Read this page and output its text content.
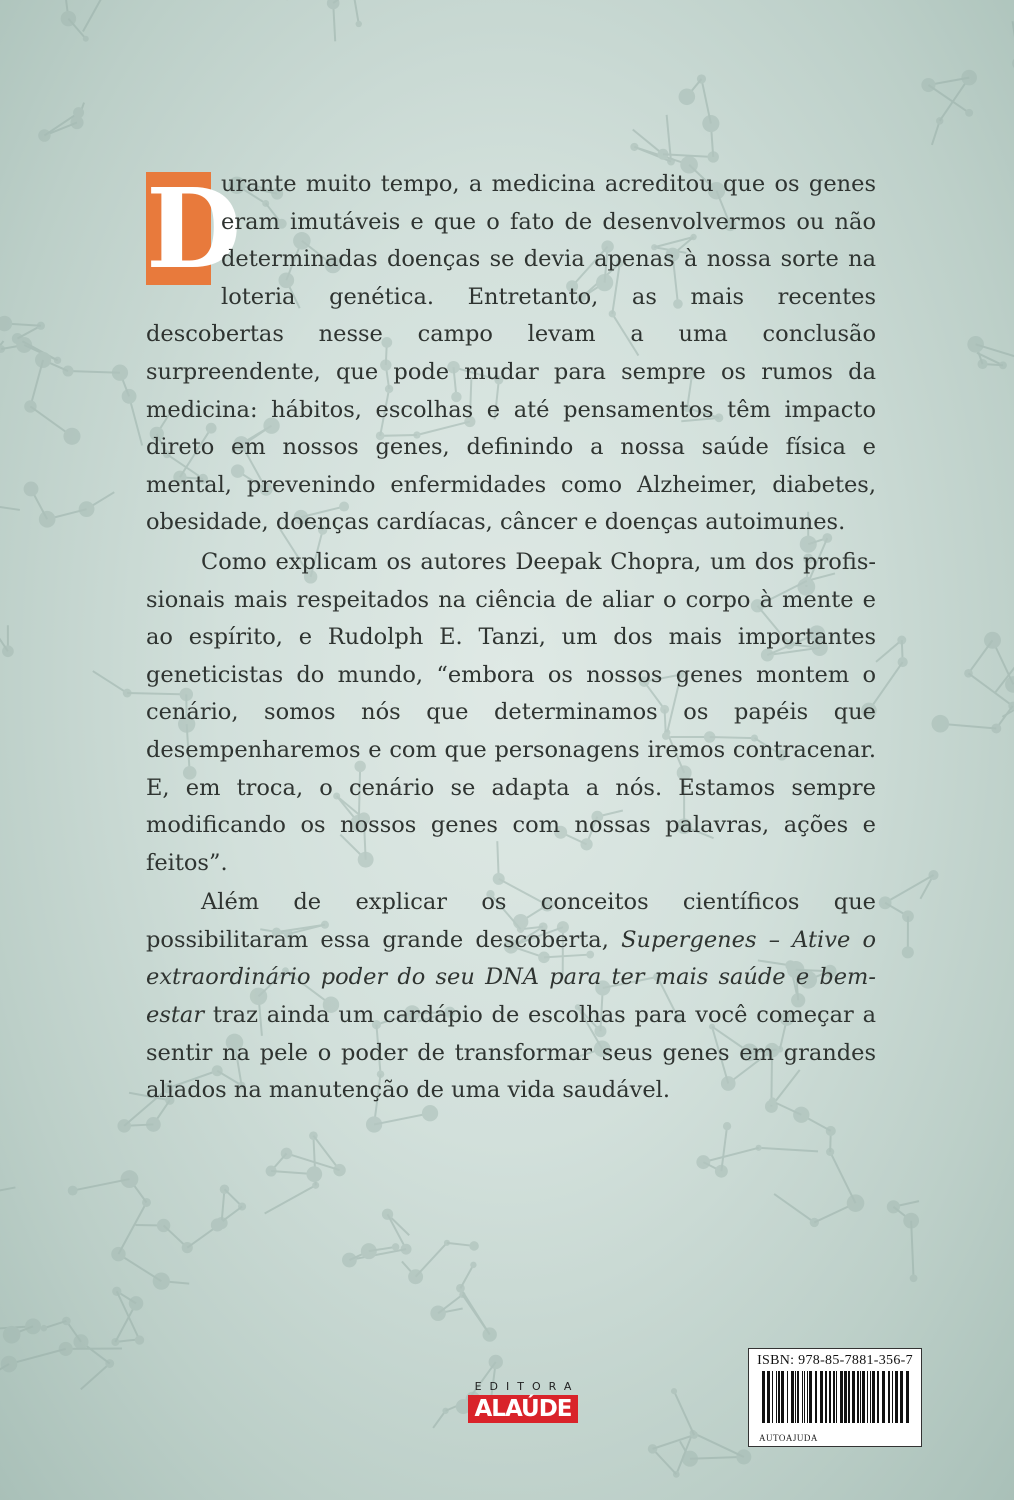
D
urante muito tempo, a medicina acreditou que os genes eram imutáveis e que o fato de desenvolvermos ou não determinadas doenças se devia apenas à nossa sorte na loteria genética. Entretanto, as mais recentes descobertas nesse campo levam a uma conclusão surpreendente, que pode mudar para sempre os rumos da medicina: hábitos, escolhas e até pensamentos têm impacto direto em nossos genes, definindo a nossa saúde física e mental, prevenindo enfermidades como Alzheimer, diabetes, obesidade, doenças cardíacas, câncer e doenças autoimunes.

Como explicam os autores Deepak Chopra, um dos profissionais mais respeitados na ciência de aliar o corpo à mente e ao espírito, e Rudolph E. Tanzi, um dos mais importantes geneticistas do mundo, “embora os nossos genes montem o cenário, somos nós que determinamos os papéis que desempenharemos e com que personagens iremos contracenar. E, em troca, o cenário se adapta a nós. Estamos sempre modificando os nossos genes com nossas palavras, ações e feitos”.

Além de explicar os conceitos científicos que possibilitaram essa grande descoberta, Supergenes – Ative o extraordinário poder do seu DNA para ter mais saúde e bem-estar traz ainda um cardápio de escolhas para você começar a sentir na pele o poder de transformar seus genes em grandes aliados na manutenção de uma vida saudável.

EDITORA
ALAÚDE
ISBN: 978-85-7881-356-7
AUTOAJUDA
